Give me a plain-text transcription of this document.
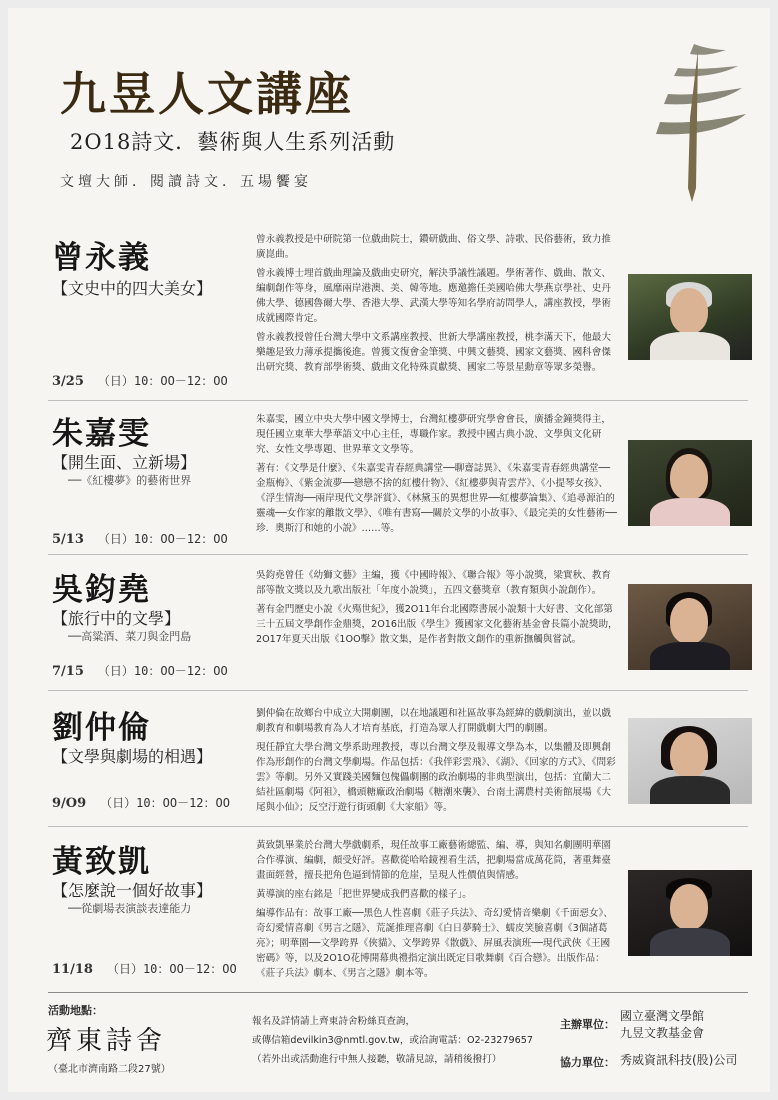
九昱人文講座
2O18詩文．藝術與人生系列活動
文壇大師．閱讀詩文．五場饗宴
曾永義
【文史中的四大美女】
3/25 （日）10：OO－12：OO

曾永義教授是中研院第一位戲曲院士，鑽研戲曲、俗文學、詩歌、民俗藝術，致力推廣崑曲。

曾永義博士埋首戲曲理論及戲曲史研究，解決爭議性議題。學術著作、戲曲、散文、編劇創作等身，風靡兩岸港澳、美、韓等地。應邀擔任美國哈佛大學燕京學社、史丹佛大學、德國魯爾大學、香港大學、武漢大學等知名學府訪問學人，講座教授，學術成就國際肯定。

曾永義教授曾任台灣大學中文系講座教授、世新大學講座教授，桃李滿天下，他最大樂趣是致力薄承提攜後進。曾獲文復會金筆獎、中興文藝獎、國家文藝獎、國科會傑出研究獎、教育部學術獎、戲曲文化特殊貢獻獎、國家二等景星勳章等眾多榮譽。

朱嘉雯
【開生面、立新場】
──《紅樓夢》的藝術世界
5/13 （日）10：OO－12：OO

朱嘉雯，國立中央大學中國文學博士，台灣紅樓夢研究學會會長，廣播金鐘獎得主，現任國立東華大學華語文中心主任，專職作家。教授中國古典小說、文學與文化研究、女性文學專題、世界華文文學等。

著有：《文學是什麼》、《朱嘉雯青春經典講堂──聊齋誌異》、《朱嘉雯青春經典講堂──金瓶梅》、《紫金流夢──戀戀不捨的紅樓什物》、《紅樓夢與青雲芹》、《小提琴女孩》、《浮生情海──兩岸現代文學評賞》、《林黛玉的異想世界──紅樓夢論集》、《追尋源泊的靈魂──女作家的離散文學》、《唯有書寫──關於文學的小故事》、《最完美的女性藝術──珍．奧斯汀和她的小說》……等。

吳鈞堯
【旅行中的文學】
──高粱酒、菜刀與金門島
7/15 （日）10：OO－12：OO

吳鈞堯曾任《幼獅文藝》主編，獲《中國時報》、《聯合報》等小說獎，梁實秋、教育部等散文獎以及九歌出版社「年度小說獎」，五四文藝獎章（教育類與小說創作）。

著有金門歷史小說《火殤世紀》，獲2O11年台北國際書展小說類十大好書、文化部第三十五屆文學創作金鼎獎，2O16出版《學生》獲國家文化藝術基金會長篇小說獎助，2O17年夏天出版《1OO擊》散文集，是作者對散文創作的重新撫觸與嘗試。

劉仲倫
【文學與劇場的相遇】
9/O9 （日）10：OO－12：OO

劉仲倫在故鄉台中成立大開劇團，以在地議題和社區故事為經緯的戲劇演出，並以戲劇教育和劇場教育為人才培育基底，打造為眾人打開戲劇大門的劇團。

現任靜宜大學台灣文學系助理教授，專以台灣文學及報導文學為本，以集體及即興創作為形創作的台灣文學劇場。作品包括：《我伴彩雲飛》、《湖》、《回家的方式》、《問彩雲》等劇。另外又實踐美國麵包傀儡劇團的政治劇場的非典型演出，包括：宜蘭大二結社區劇場《阿祖》，橋頭糖廠政治劇場《糖潮來襲》、台南土溝農村美術館展場《大尾與小仙》；反空汙遊行街頭劇《大家船》等。

黃致凱
【怎麼說一個好故事】
──從劇場表演談表達能力
11/18 （日）10：OO－12：OO

黃致凱畢業於台灣大學戲劇系，現任故事工廠藝術總監、編、導，與知名劇團明華園合作導演、編劇，頗受好評。喜歡從哈哈鏡裡看生活，把劇場當成萬花筒，著重舞臺畫面經營，擅長把角色逼到情節的危崖，呈現人性價值與情感。

黃導演的座右銘是「把世界變成我們喜歡的樣子」。

編導作品有：故事工廠──黑色人性喜劇《莊子兵法》、奇幻愛情音樂劇《千面惡女》、奇幻愛情喜劇《男言之隱》、荒誕推理喜劇《白日夢騎士》、蠕皮笑臉喜劇《3個諸葛亮》；明華園──文學跨界《俠貓》、文學跨界《散戲》、屏風表演班──現代武俠《王國密碼》等，以及2O1O花博開幕典禮指定演出既定目歌舞劇《百合戀》。出版作品：《莊子兵法》劇本、《男言之隱》劇本等。

活動地點：
齊東詩舍
（臺北市濟南路二段27號）
報名及詳情請上齊東詩舍粉絲頁查詢，
或傳信箱devilkin3@nmtl.gov.tw，或洽詢電話：O2-23279657
（若外出或活動進行中無人接聽，敬請見諒，請稍後撥打）
主辦單位：
國立臺灣文學館
九昱文教基金會
協力單位： 秀威資訊科技(股)公司
